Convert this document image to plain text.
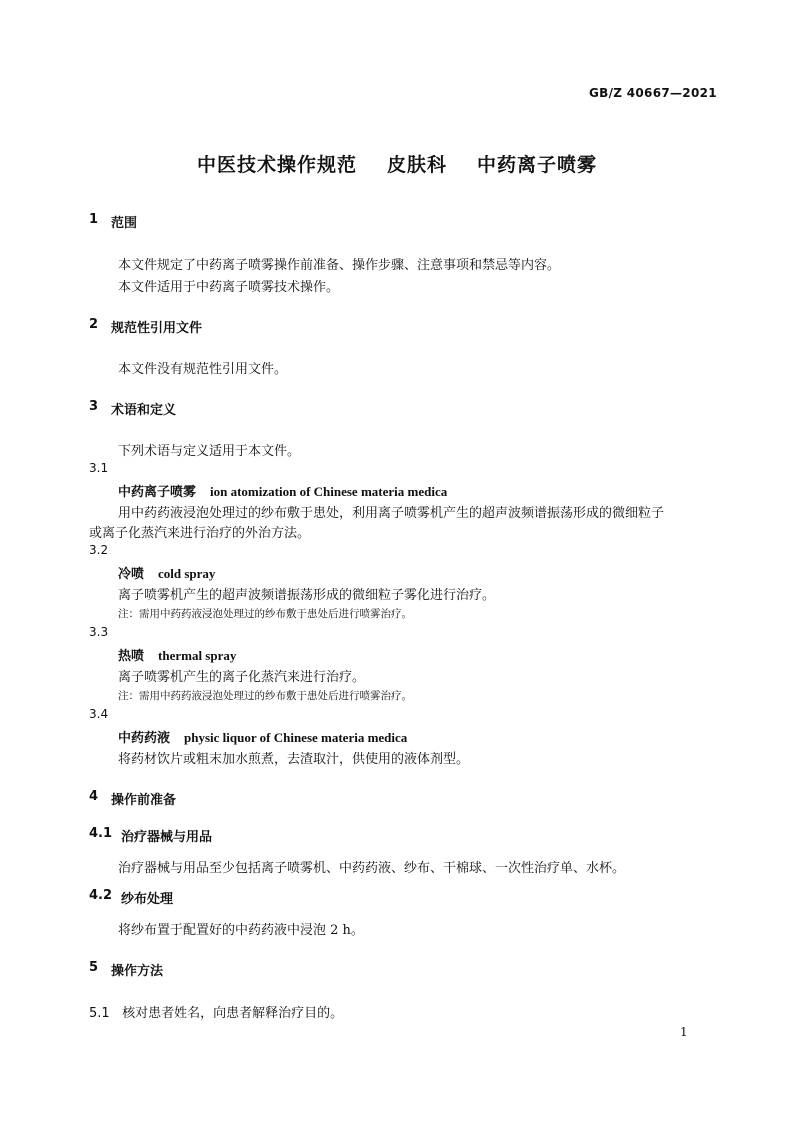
GB/Z 40667—2021
中医技术操作规范 皮肤科 中药离子喷雾
1 范围
本文件规定了中药离子喷雾操作前准备、操作步骤、注意事项和禁忌等内容。
本文件适用于中药离子喷雾技术操作。
2 规范性引用文件
本文件没有规范性引用文件。
3 术语和定义
下列术语与定义适用于本文件。
3.1
中药离子喷雾 ion atomization of Chinese materia medica
用中药药液浸泡处理过的纱布敷于患处，利用离子喷雾机产生的超声波频谱振荡形成的微细粒子
或离子化蒸汽来进行治疗的外治方法。
3.2
冷喷 cold spray
离子喷雾机产生的超声波频谱振荡形成的微细粒子雾化进行治疗。
注：需用中药药液浸泡处理过的纱布敷于患处后进行喷雾治疗。
3.3
热喷 thermal spray
离子喷雾机产生的离子化蒸汽来进行治疗。
注：需用中药药液浸泡处理过的纱布敷于患处后进行喷雾治疗。
3.4
中药药液 physic liquor of Chinese materia medica
将药材饮片或粗末加水煎煮，去渣取汁，供使用的液体剂型。
4 操作前准备
4.1 治疗器械与用品
治疗器械与用品至少包括离子喷雾机、中药药液、纱布、干棉球、一次性治疗单、水杯。
4.2 纱布处理
将纱布置于配置好的中药药液中浸泡 2 h。
5 操作方法
5.1 核对患者姓名，向患者解释治疗目的。
1
